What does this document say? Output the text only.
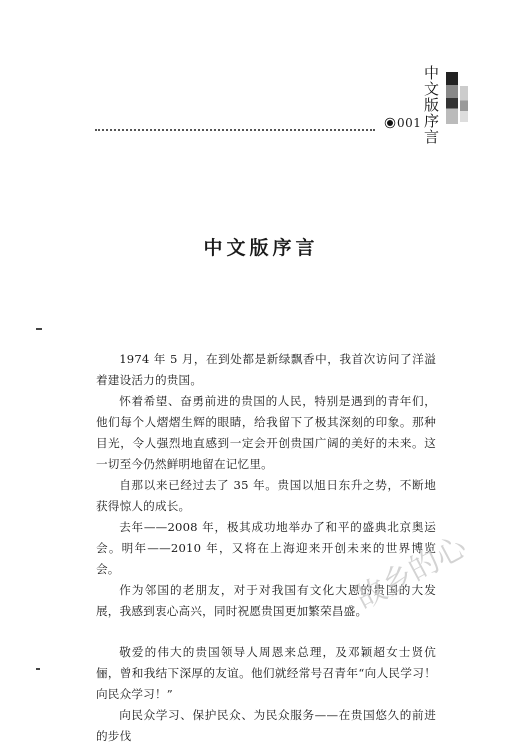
001 中文版序言
中文版序言

1974 年 5 月，在到处都是新绿飘香中，我首次访问了洋溢着建设活力的贵国。

怀着希望、奋勇前进的贵国的人民，特别是遇到的青年们，他们每个人熠熠生辉的眼睛，给我留下了极其深刻的印象。那种目光，令人强烈地直感到一定会开创贵国广阔的美好的未来。这一切至今仍然鲜明地留在记忆里。

自那以来已经过去了 35 年。贵国以旭日东升之势，不断地获得惊人的成长。

去年——2008 年，极其成功地举办了和平的盛典北京奥运会。明年——2010 年，又将在上海迎来开创未来的世界博览会。

作为邻国的老朋友，对于对我国有文化大恩的贵国的大发展，我感到衷心高兴，同时祝愿贵国更加繁荣昌盛。

敬爱的伟大的贵国领导人周恩来总理，及邓颖超女士贤伉俪，曾和我结下深厚的友谊。他们就经常号召青年“向人民学习！向民众学习！”

向民众学习、保护民众、为民众服务——在贵国悠久的前进的步伐

故乡的心
